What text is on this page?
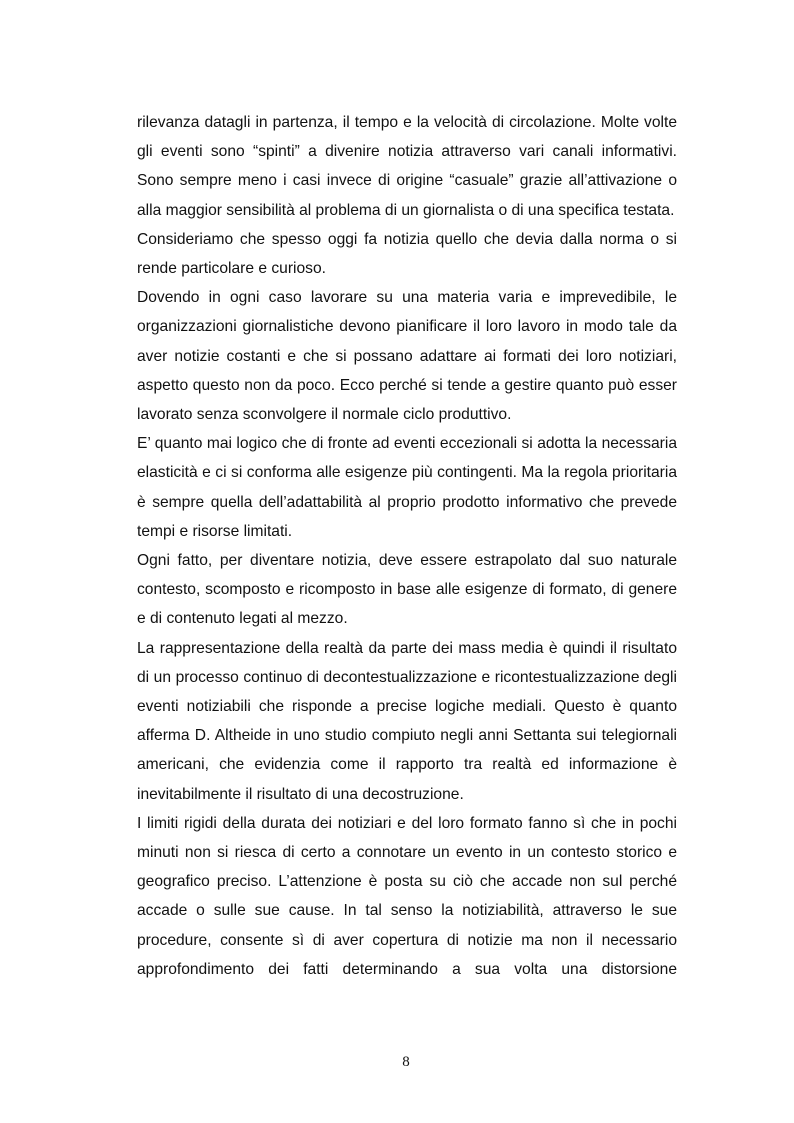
rilevanza datagli in partenza, il tempo e la velocità di circolazione. Molte volte gli eventi sono “spinti” a divenire notizia attraverso vari canali informativi. Sono sempre meno i casi invece di origine “casuale” grazie all’attivazione o alla maggior sensibilità al problema di un giornalista o di una specifica testata.

Consideriamo che spesso oggi fa notizia quello che devia dalla norma o si rende particolare e curioso.

Dovendo in ogni caso lavorare su una materia varia e imprevedibile, le organizzazioni giornalistiche devono pianificare il loro lavoro in modo tale da aver notizie costanti e che si possano adattare ai formati dei loro notiziari, aspetto questo non da poco. Ecco perché si tende a gestire quanto può esser lavorato senza sconvolgere il normale ciclo produttivo.

E’ quanto mai logico che di fronte ad eventi eccezionali si adotta la necessaria elasticità e ci si conforma alle esigenze più contingenti. Ma la regola prioritaria è sempre quella dell’adattabilità al proprio prodotto informativo che prevede tempi e risorse limitati.

Ogni fatto, per diventare notizia, deve essere estrapolato dal suo naturale contesto, scomposto e ricomposto in base alle esigenze di formato, di genere e di contenuto legati al mezzo.

La rappresentazione della realtà da parte dei mass media è quindi il risultato di un processo continuo di decontestualizzazione e ricontestualizzazione degli eventi notiziabili che risponde a precise logiche mediali. Questo è quanto afferma D. Altheide in uno studio compiuto negli anni Settanta sui telegiornali americani, che evidenzia come il rapporto tra realtà ed informazione è inevitabilmente il risultato di una decostruzione.

I limiti rigidi della durata dei notiziari e del loro formato fanno sì che in pochi minuti non si riesca di certo a connotare un evento in un contesto storico e geografico preciso. L’attenzione è posta su ciò che accade non sul perché accade o sulle sue cause. In tal senso la notiziabilità, attraverso le sue procedure, consente sì di aver copertura di notizie ma non il necessario approfondimento dei fatti determinando a sua volta una distorsione

8
